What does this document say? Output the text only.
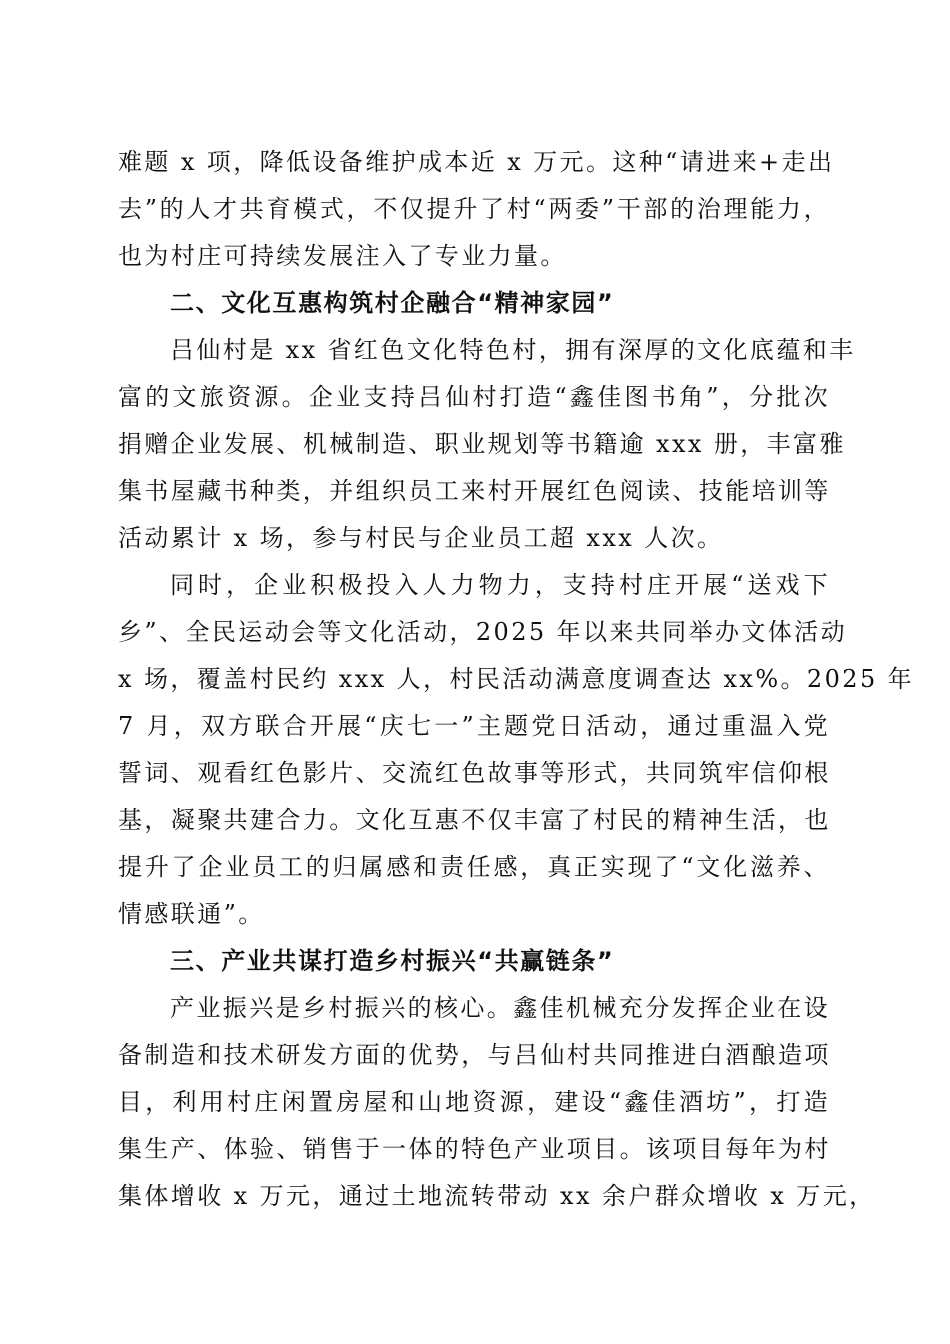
难题 x 项，降低设备维护成本近 x 万元。这种“请进来+走出
去”的人才共育模式，不仅提升了村“两委”干部的治理能力，
也为村庄可持续发展注入了专业力量。
二、文化互惠构筑村企融合“精神家园”
吕仙村是 xx 省红色文化特色村，拥有深厚的文化底蕴和丰
富的文旅资源。企业支持吕仙村打造“鑫佳图书角”，分批次
捐赠企业发展、机械制造、职业规划等书籍逾 xxx 册，丰富雅
集书屋藏书种类，并组织员工来村开展红色阅读、技能培训等
活动累计 x 场，参与村民与企业员工超 xxx 人次。
同时，企业积极投入人力物力，支持村庄开展“送戏下
乡”、全民运动会等文化活动，2025 年以来共同举办文体活动
x 场，覆盖村民约 xxx 人，村民活动满意度调查达 xx%。2025 年
7 月，双方联合开展“庆七一”主题党日活动，通过重温入党
誓词、观看红色影片、交流红色故事等形式，共同筑牢信仰根
基，凝聚共建合力。文化互惠不仅丰富了村民的精神生活，也
提升了企业员工的归属感和责任感，真正实现了“文化滋养、
情感联通”。
三、产业共谋打造乡村振兴“共赢链条”
产业振兴是乡村振兴的核心。鑫佳机械充分发挥企业在设
备制造和技术研发方面的优势，与吕仙村共同推进白酒酿造项
目，利用村庄闲置房屋和山地资源，建设“鑫佳酒坊”，打造
集生产、体验、销售于一体的特色产业项目。该项目每年为村
集体增收 x 万元，通过土地流转带动 xx 余户群众增收 x 万元，
